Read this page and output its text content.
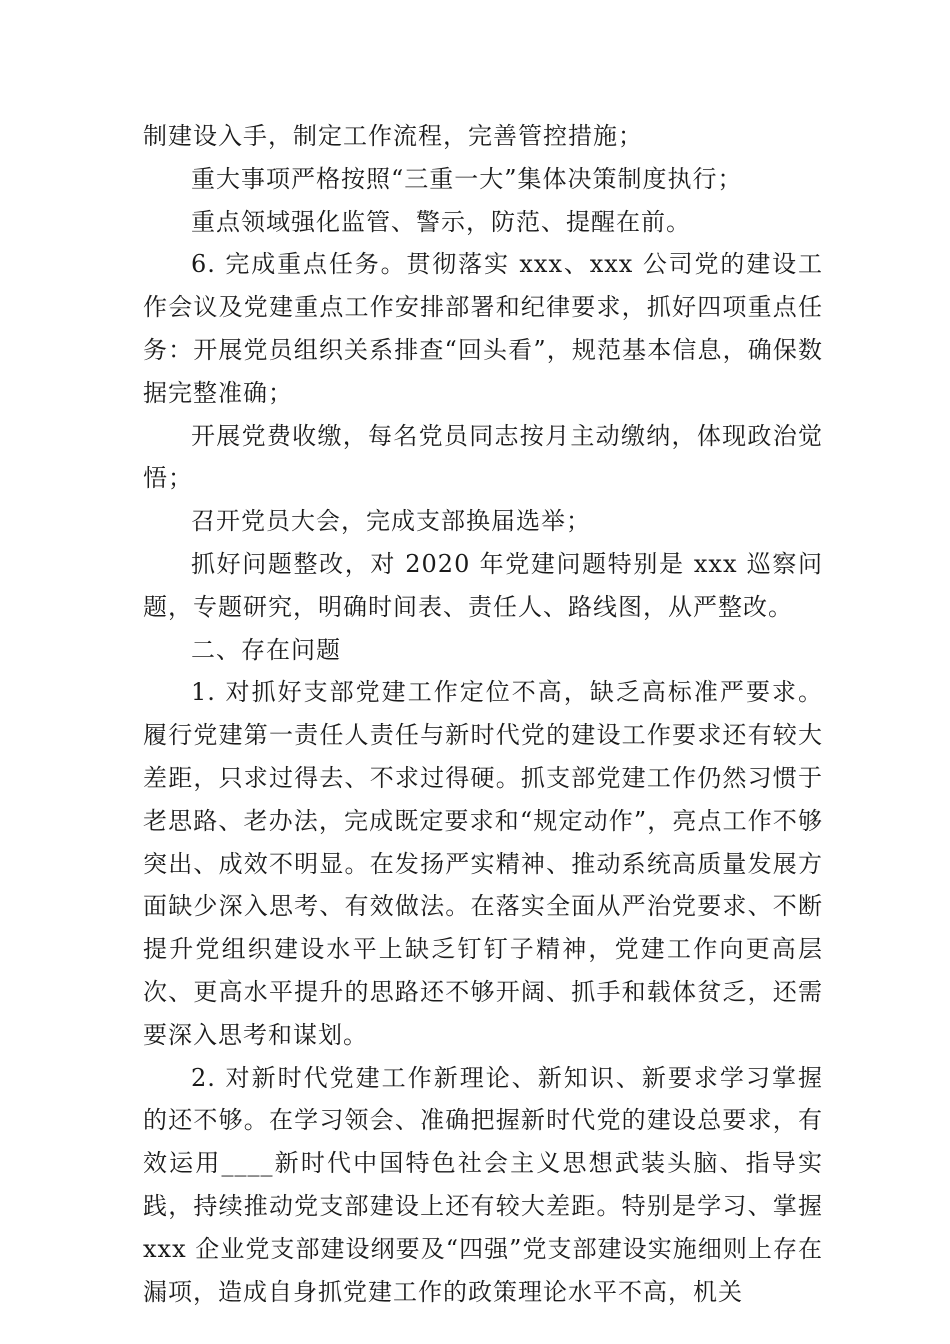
制建设入手，制定工作流程，完善管控措施；

重大事项严格按照“三重一大”集体决策制度执行；

重点领域强化监管、警示，防范、提醒在前。

6. 完成重点任务。贯彻落实 xxx、xxx 公司党的建设工作会议及党建重点工作安排部署和纪律要求，抓好四项重点任务：开展党员组织关系排查“回头看”，规范基本信息，确保数据完整准确；

开展党费收缴，每名党员同志按月主动缴纳，体现政治觉悟；

召开党员大会，完成支部换届选举；

抓好问题整改，对 2020 年党建问题特别是 xxx 巡察问题，专题研究，明确时间表、责任人、路线图，从严整改。

二、存在问题

1. 对抓好支部党建工作定位不高，缺乏高标准严要求。履行党建第一责任人责任与新时代党的建设工作要求还有较大差距，只求过得去、不求过得硬。抓支部党建工作仍然习惯于老思路、老办法，完成既定要求和“规定动作”，亮点工作不够突出、成效不明显。在发扬严实精神、推动系统高质量发展方面缺少深入思考、有效做法。在落实全面从严治党要求、不断提升党组织建设水平上缺乏钉钉子精神，党建工作向更高层次、更高水平提升的思路还不够开阔、抓手和载体贫乏，还需要深入思考和谋划。

2. 对新时代党建工作新理论、新知识、新要求学习掌握的还不够。在学习领会、准确把握新时代党的建设总要求，有效运用____新时代中国特色社会主义思想武装头脑、指导实践，持续推动党支部建设上还有较大差距。特别是学习、掌握 xxx 企业党支部建设纲要及“四强”党支部建设实施细则上存在漏项，造成自身抓党建工作的政策理论水平不高，机关
